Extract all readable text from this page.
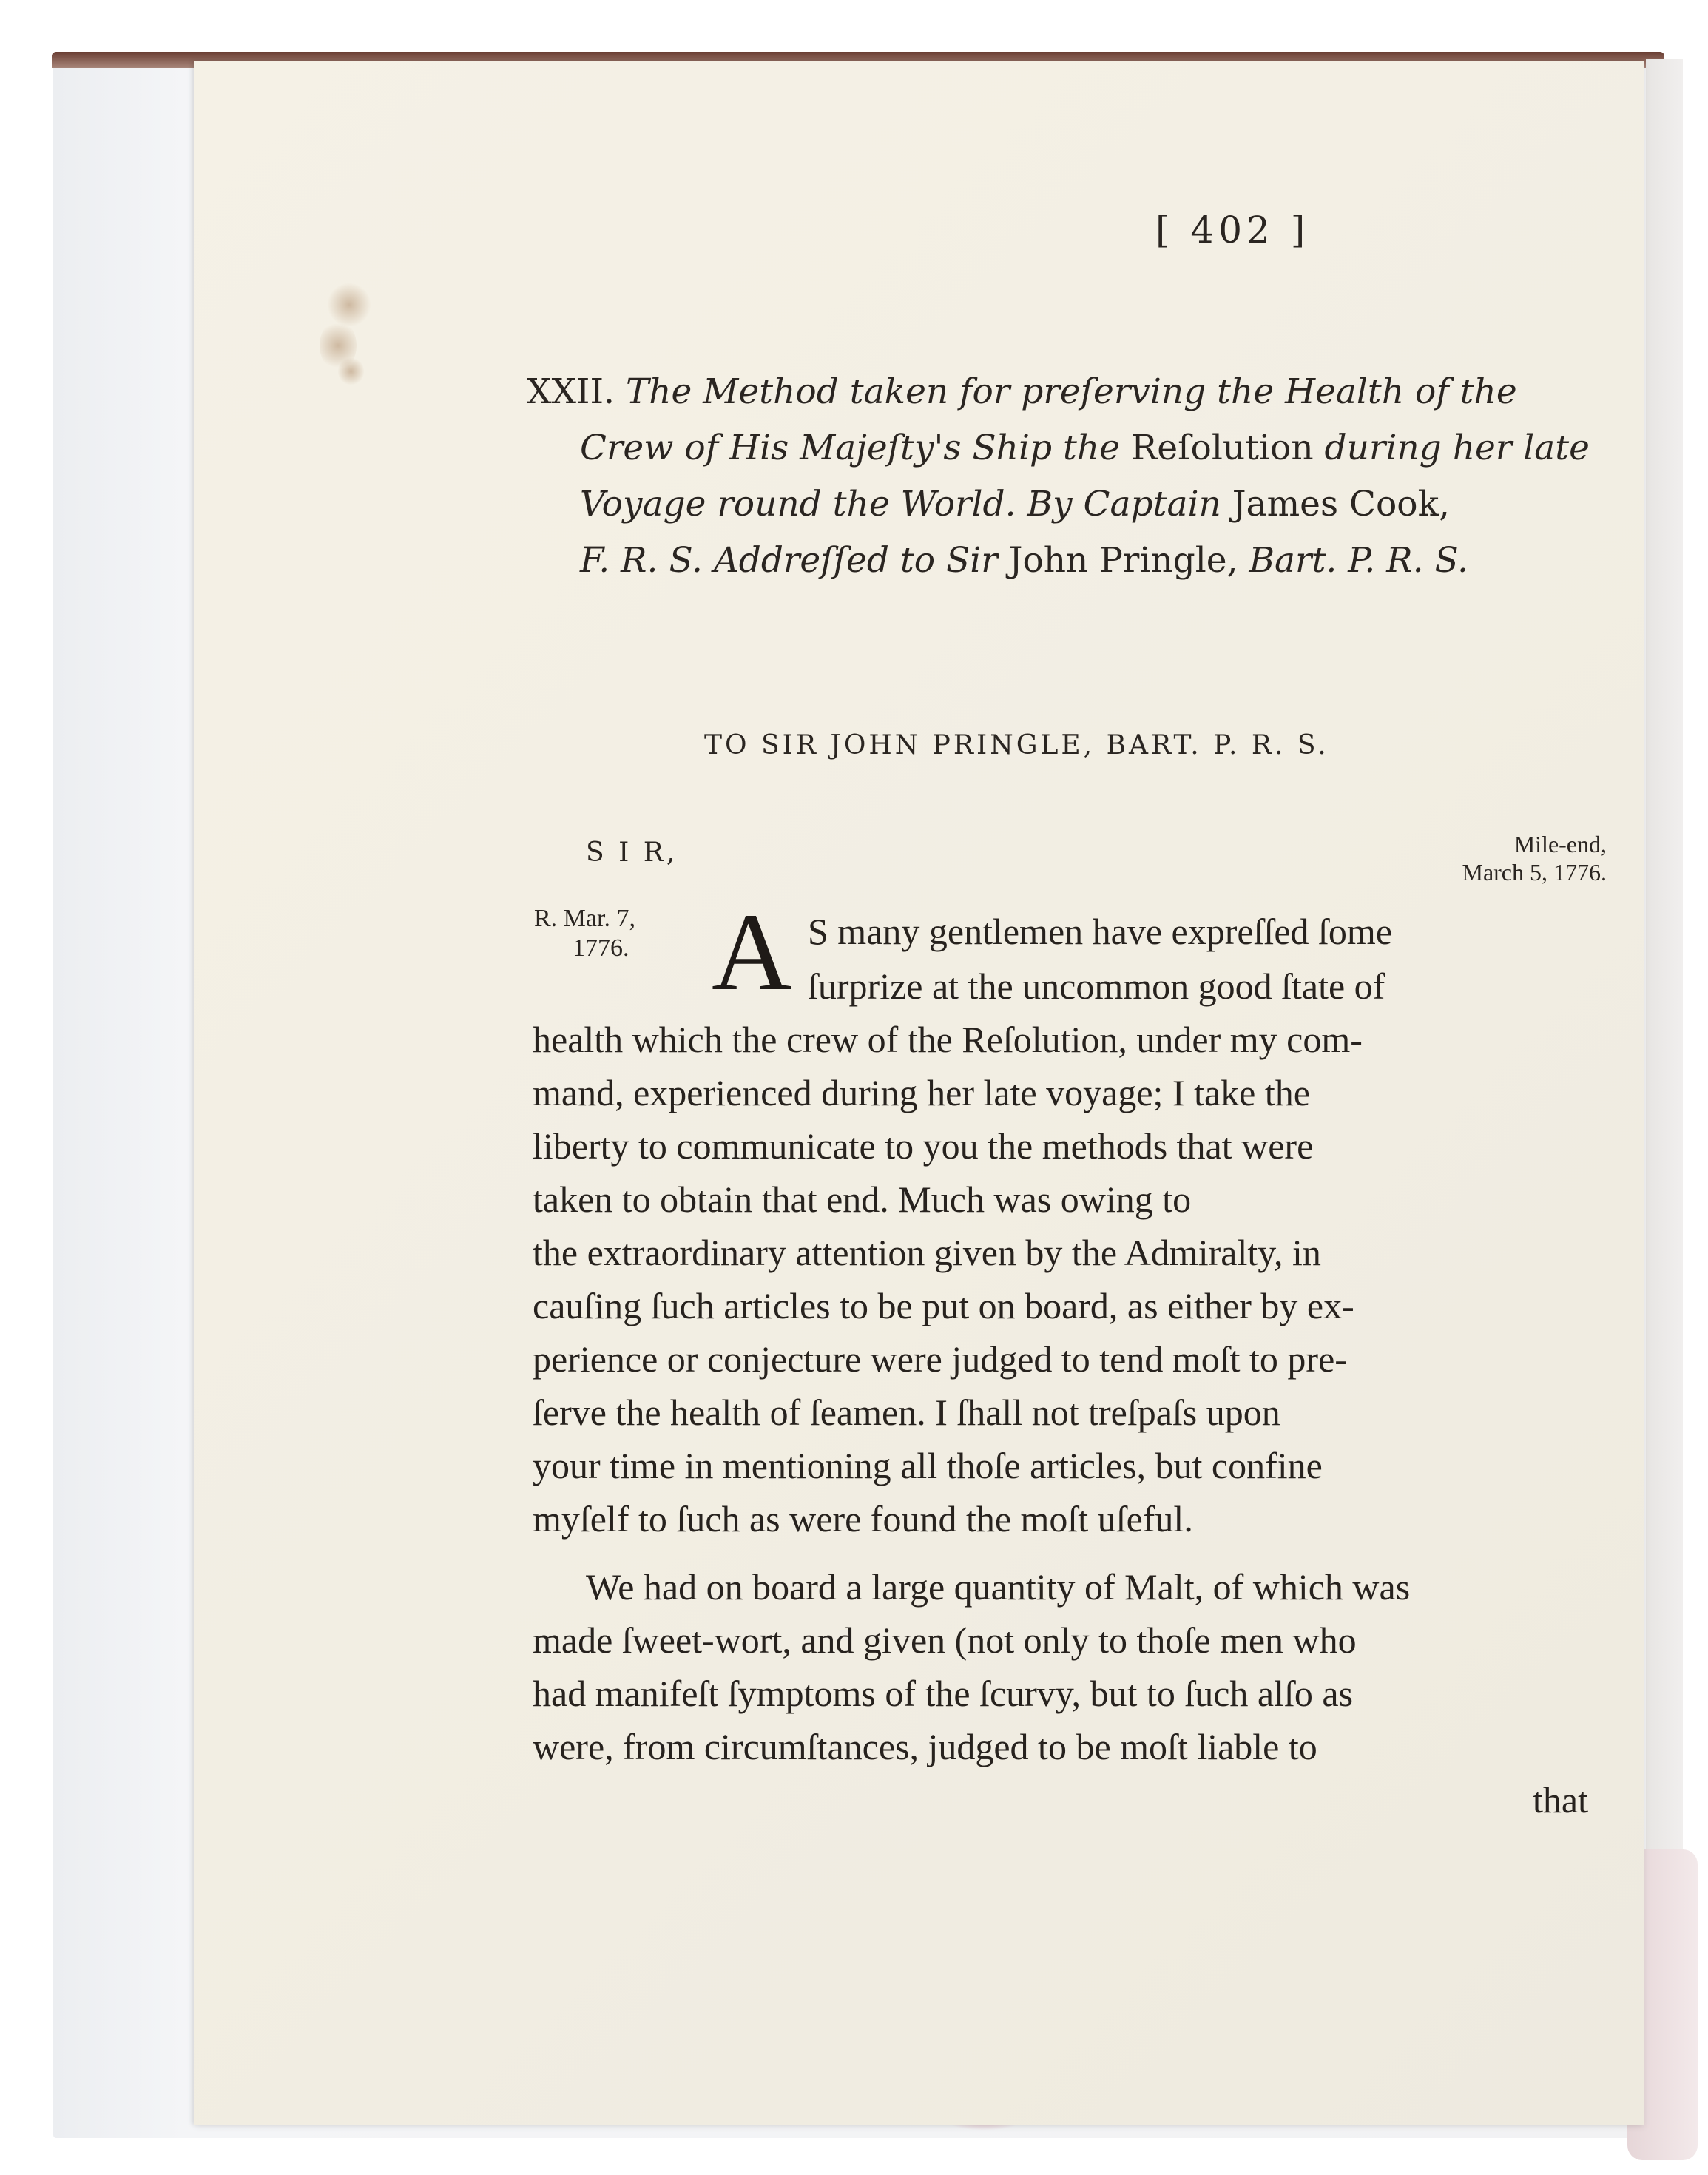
[ 402 ]
XXII. The Method taken for preſerving the Health of the
Crew of His Majeſty's Ship the Reſolution during her late
Voyage round the World. By Captain James Cook,
F. R. S. Addreſſed to Sir John Pringle, Bart. P. R. S.
TO SIR JOHN PRINGLE, BART. P. R. S.
S I R,	Mile-end,
March 5, 1776.
R. Mar. 7,
1776. A S many gentlemen have expreſſed ſome
ſurprize at the uncommon good ſtate of
health which the crew of the Reſolution, under my com-
mand, experienced during her late voyage; I take the
liberty to communicate to you the methods that were
taken to obtain that end. Much was owing to
the extraordinary attention given by the Admiralty, in
cauſing ſuch articles to be put on board, as either by ex-
perience or conjecture were judged to tend moſt to pre-
ſerve the health of ſeamen. I ſhall not treſpaſs upon
your time in mentioning all thoſe articles, but confine
myſelf to ſuch as were found the moſt uſeful.
We had on board a large quantity of Malt, of which was
made ſweet-wort, and given (not only to thoſe men who
had manifeſt ſymptoms of the ſcurvy, but to ſuch alſo as
were, from circumſtances, judged to be moſt liable to
that
